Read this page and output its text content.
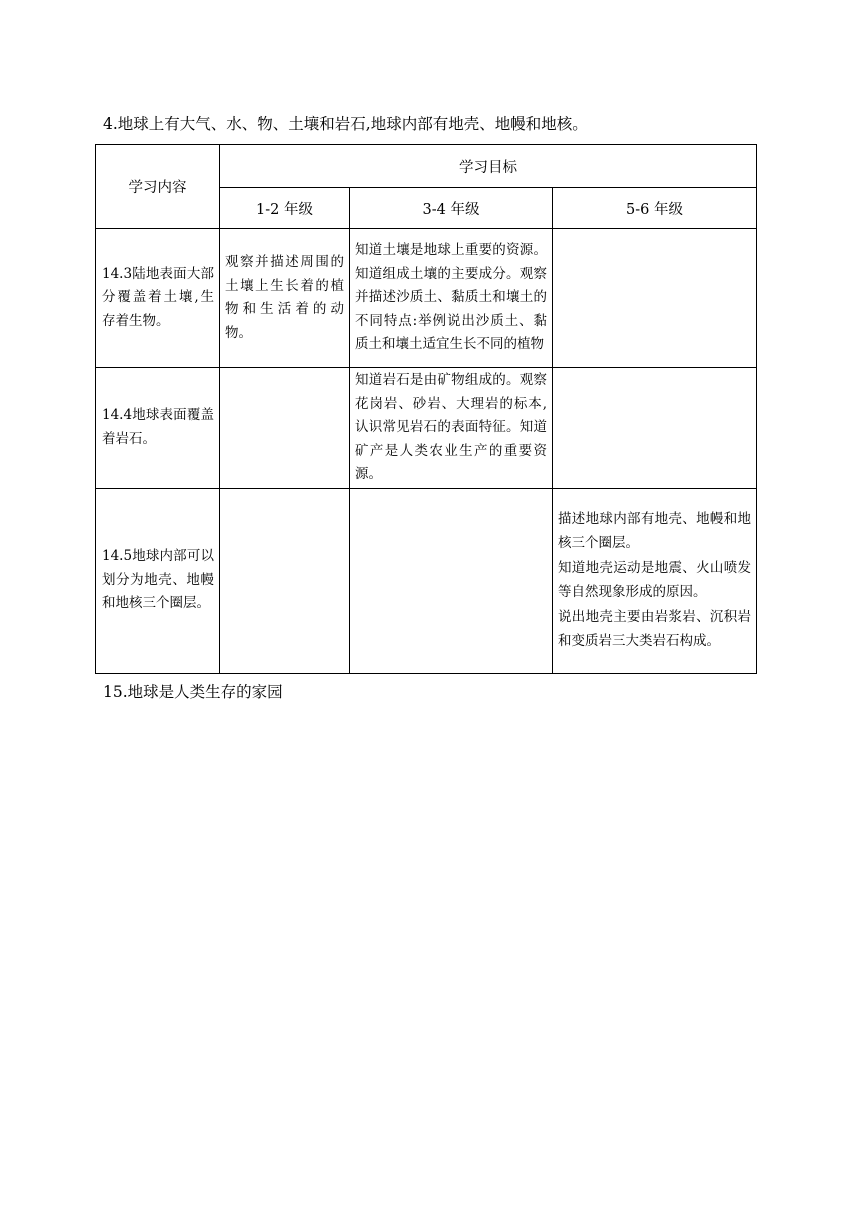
4.地球上有大气、水、物、土壤和岩石,地球内部有地壳、地幔和地核。
学习内容	学习目标		
	1-2 年级	3-4 年级	5-6 年级

14.3陆地表面大部分覆盖着土壤,生存着生物。	观察并描述周围的土壤上生长着的植物和生活着的动物。	知道土壤是地球上重要的资源。知道组成土壤的主要成分。观察并描述沙质土、黏质土和壤土的不同特点:举例说出沙质土、黏质土和壤土适宜生长不同的植物	

14.4地球表面覆盖着岩石。		知道岩石是由矿物组成的。观察花岗岩、砂岩、大理岩的标本,认识常见岩石的表面特征。知道矿产是人类农业生产的重要资源。	

14.5地球内部可以划分为地壳、地幔和地核三个圈层。			描述地球内部有地壳、地幔和地核三个圈层。
知道地壳运动是地震、火山喷发等自然现象形成的原因。
说出地壳主要由岩浆岩、沉积岩和变质岩三大类岩石构成。
15.地球是人类生存的家园
